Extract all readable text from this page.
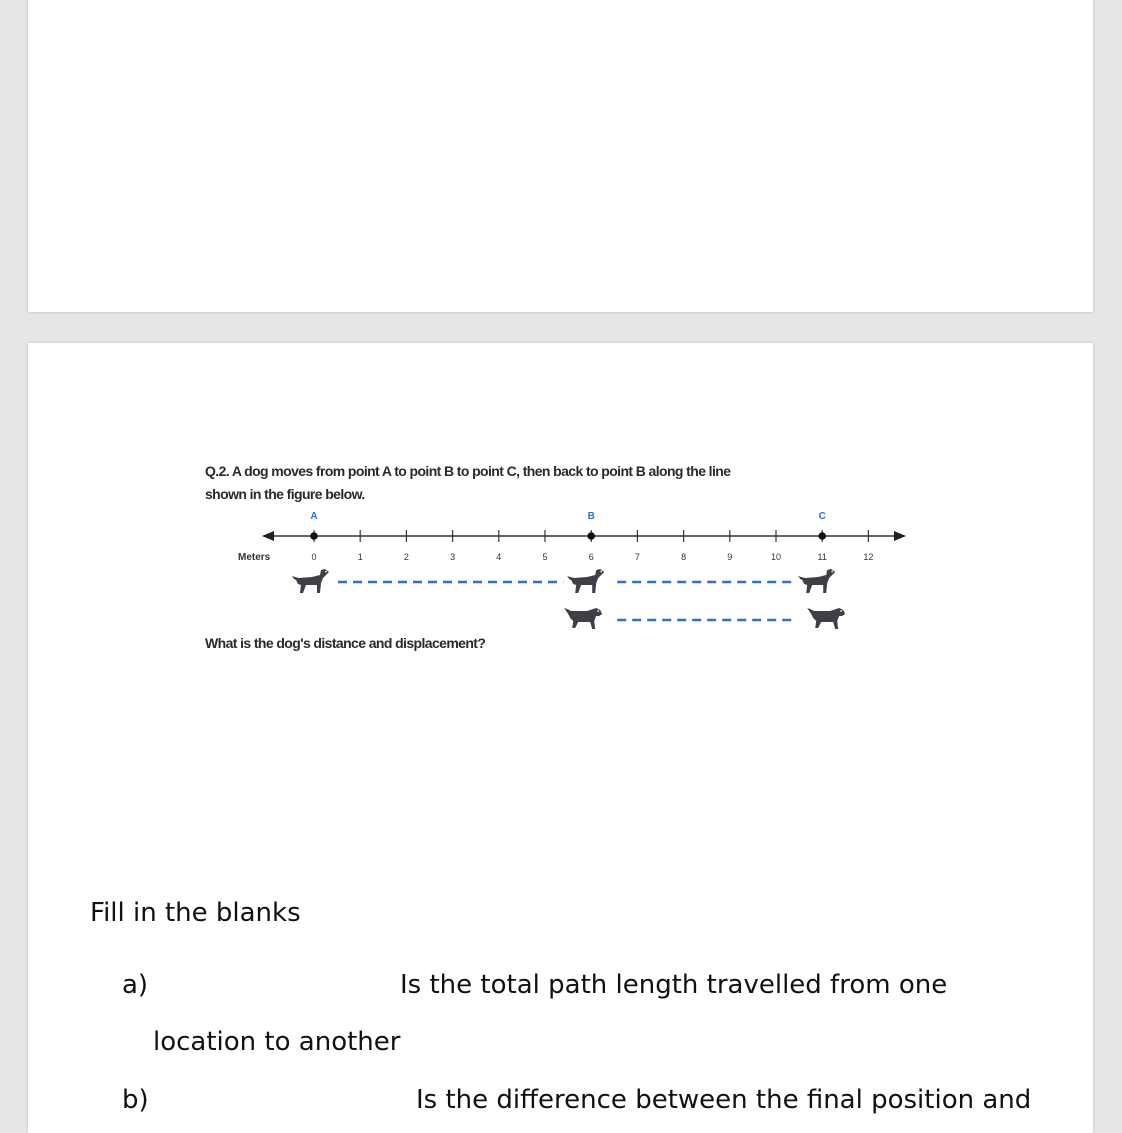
Q.2. A dog moves from point A to point B to point C, then back to point B along the line
shown in the figure below.
Meters	0	1	2	3	4	5	6	7	8	9	10	11	12
A	B	C
What is the dog's distance and displacement?
Fill in the blanks
a)	Is the total path length travelled from one
location to another
b)	Is the difference between the final position and
